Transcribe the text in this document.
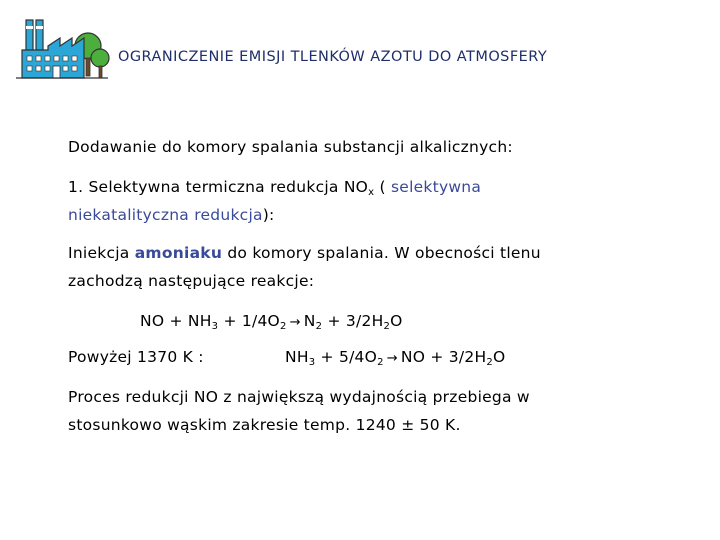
OGRANICZENIE EMISJI TLENKÓW AZOTU DO ATMOSFERY
Dodawanie do komory spalania substancji alkalicznych:
1. Selektywna termiczna redukcja $NO_x$ ( selektywna
niekatalityczna redukcja):
Iniekcja amoniaku do komory spalania. W obecności tlenu
zachodzą następujące reakcje:
NO + $NH_3 + 1/4O_2 \to N_2 + 3/2H_2O$
Powyżej 1370 K :	$NH_3 + 5/4O_2$ → NO + $3/2H_2O$
Proces redukcji NO z największą wydajnością przebiega w
stosunkowo wąskim zakresie temp. 1240 ± 50 K.
